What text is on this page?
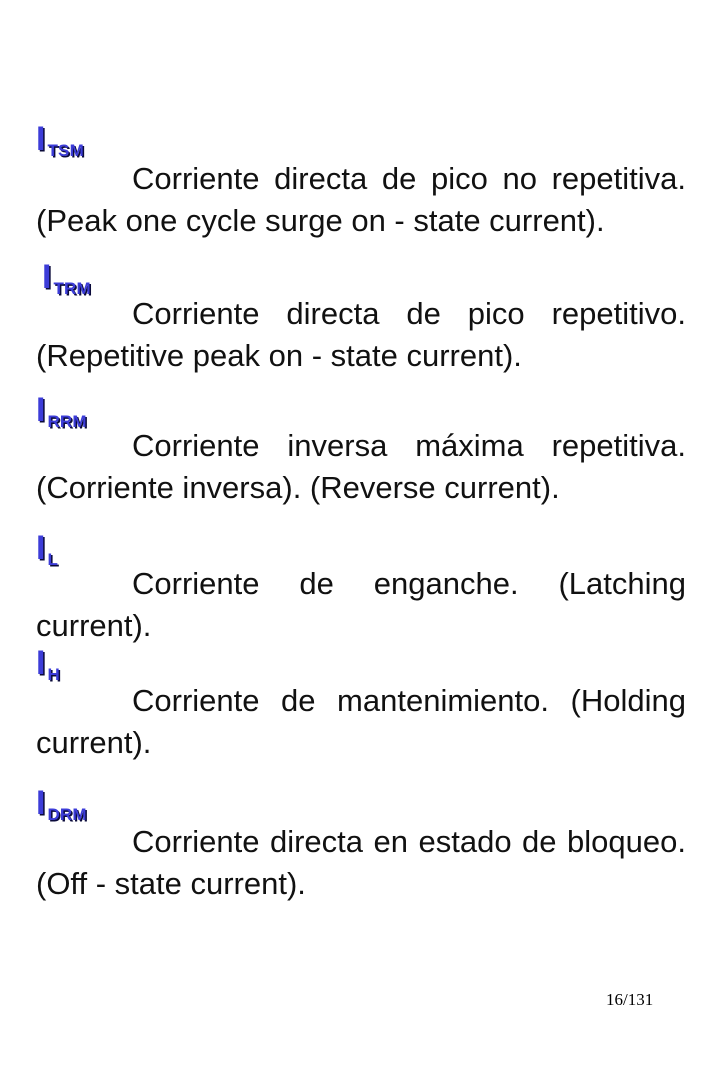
ITSM

Corriente directa de pico no repetitiva. (Peak one cycle surge on - state current).

ITRM

Corriente directa de pico repetitivo. (Repetitive peak on - state current).

IRRM

Corriente inversa máxima repetitiva. (Corriente inversa). (Reverse current).

I L

Corriente de enganche. (Latching current).

I H

Corriente de mantenimiento. (Holding current).

IDRM

Corriente directa en estado de bloqueo. (Off - state current).

16/131
